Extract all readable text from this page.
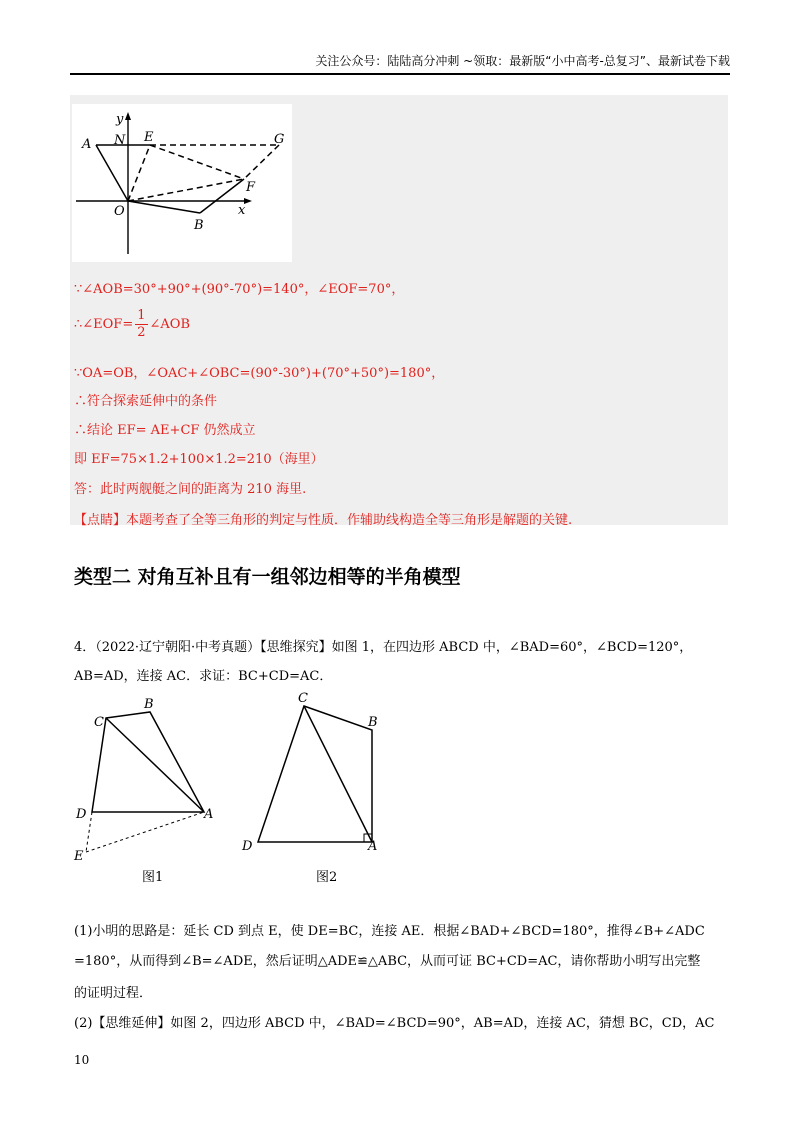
关注公众号：陆陆高分冲刺 ~领取：最新版“小中高考-总复习”、最新试卷下载
y
A N E	G
F
O	x
B
∵∠AOB=30°+90°+(90°-70°)=140°，∠EOF=70°，
∴∠EOF= $\frac{1}{2}$ ∠AOB
∵OA=OB，∠OAC+∠OBC=(90°-30°)+(70°+50°)=180°，
∴符合探索延伸中的条件
∴结论 EF= AE+CF 仍然成立
即 EF=75×1.2+100×1.2=210（海里）
答：此时两舰艇之间的距离为 210 海里.
【点睛】本题考查了全等三角形的判定与性质．作辅助线构造全等三角形是解题的关键.
类型二 对角互补且有一组邻边相等的半角模型
4．（2022·辽宁朝阳·中考真题）【思维探究】如图 1，在四边形 ABCD 中，∠BAD=60°，∠BCD=120°，
AB=AD，连接 AC．求证：BC+CD=AC．
C
B
D	A
E
C
B
D	A
图1	图2
(1)小明的思路是：延长 CD 到点 E，使 DE=BC，连接 AE．根据∠BAD+∠BCD=180°，推得∠B+∠ADC
=180°，从而得到∠B=∠ADE，然后证明△ADE≌△ABC，从而可证 BC+CD=AC，请你帮助小明写出完整
的证明过程．
(2)【思维延伸】如图 2，四边形 ABCD 中，∠BAD=∠BCD=90°，AB=AD，连接 AC，猜想 BC，CD，AC
10
